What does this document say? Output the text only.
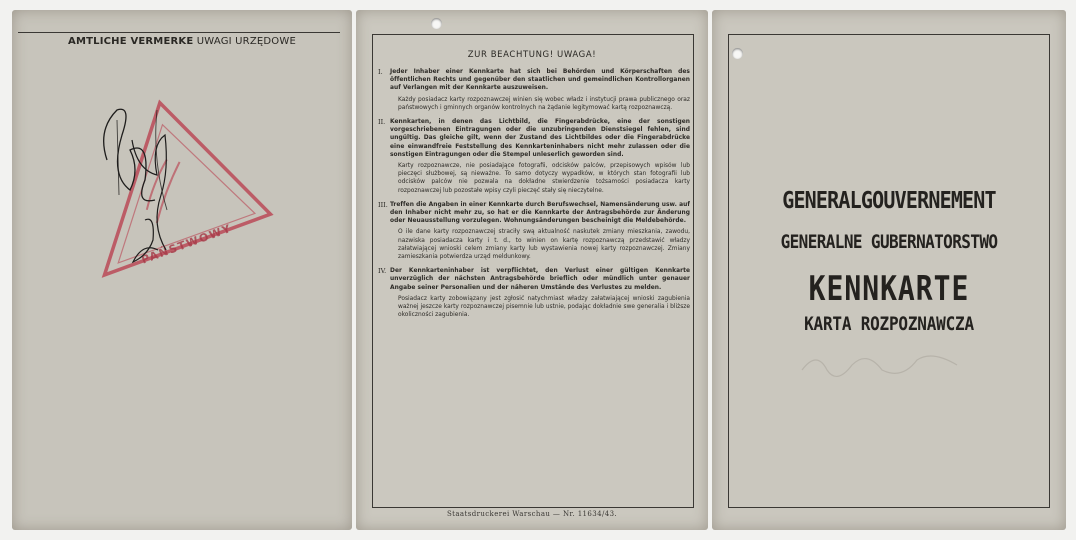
AMTLICHE VERMERKE UWAGI URZĘDOWE
PAŃSTWOWY
ZUR BEACHTUNG! UWAGA!
I.	Jeder Inhaber einer Kennkarte hat sich bei Behörden und Körperschaften des öffentlichen Rechts und gegenüber den staatlichen und gemeindlichen Kontrollorganen auf Verlangen mit der Kennkarte auszuweisen.
Każdy posiadacz karty rozpoznawczej winien się wobec władz i instytucji prawa publicznego oraz państwowych i gminnych organów kontrolnych na żądanie legitymować kartą rozpoznawczą.
II. Kennkarten, in denen das Lichtbild, die Fingerabdrücke, eine der sonstigen vorgeschriebenen Eintragungen oder die unzubringenden Dienstsiegel fehlen, sind ungültig. Das gleiche gilt, wenn der Zustand des Lichtbildes oder die Fingerabdrücke eine einwandfreie Feststellung des Kennkarteninhabers nicht mehr zulassen oder die sonstigen Eintragungen oder die Stempel unleserlich geworden sind.
Karty rozpoznawcze, nie posiadające fotografii, odcisków palców, przepisowych wpisów lub pieczęci służbowej, są nieważne. To samo dotyczy wypadków, w których stan fotografii lub odcisków palców nie pozwala na dokładne stwierdzenie tożsamości posiadacza karty rozpoznawczej lub pozostałe wpisy czyli pieczęć stały się nieczytelne.
III. Treffen die Angaben in einer Kennkarte durch Berufswechsel, Namensänderung usw. auf den Inhaber nicht mehr zu, so hat er die Kennkarte der Antragsbehörde zur Änderung oder Neuausstellung vorzulegen. Wohnungsänderungen bescheinigt die Meldebehörde.
O ile dane karty rozpoznawczej straciły swą aktualność naskutek zmiany mieszkania, zawodu, nazwiska posiadacza karty i t. d., to winien on kartę rozpoznawczą przedstawić władzy załatwiającej wnioski celem zmiany karty lub wystawienia nowej karty rozpoznawczej. Zmiany zamieszkania potwierdza urząd meldunkowy.
IV. Der Kennkarteninhaber ist verpflichtet, den Verlust einer gültigen Kennkarte unverzüglich der nächsten Antragsbehörde brieflich oder mündlich unter genauer Angabe seiner Personalien und der näheren Umstände des Verlustes zu melden.
Posiadacz karty zobowiązany jest zgłosić natychmiast władzy załatwiającej wnioski zagubienia ważnej jeszcze karty rozpoznawczej pisemnie lub ustnie, podając dokładnie swe generalia i bliższe okoliczności zagubienia.
Staatsdruckerei Warschau — Nr. 11634/43.
GENERALGOUVERNEMENT
GENERALNE GUBERNATORSTWO
KENNKARTE
KARTA ROZPOZNAWCZA
